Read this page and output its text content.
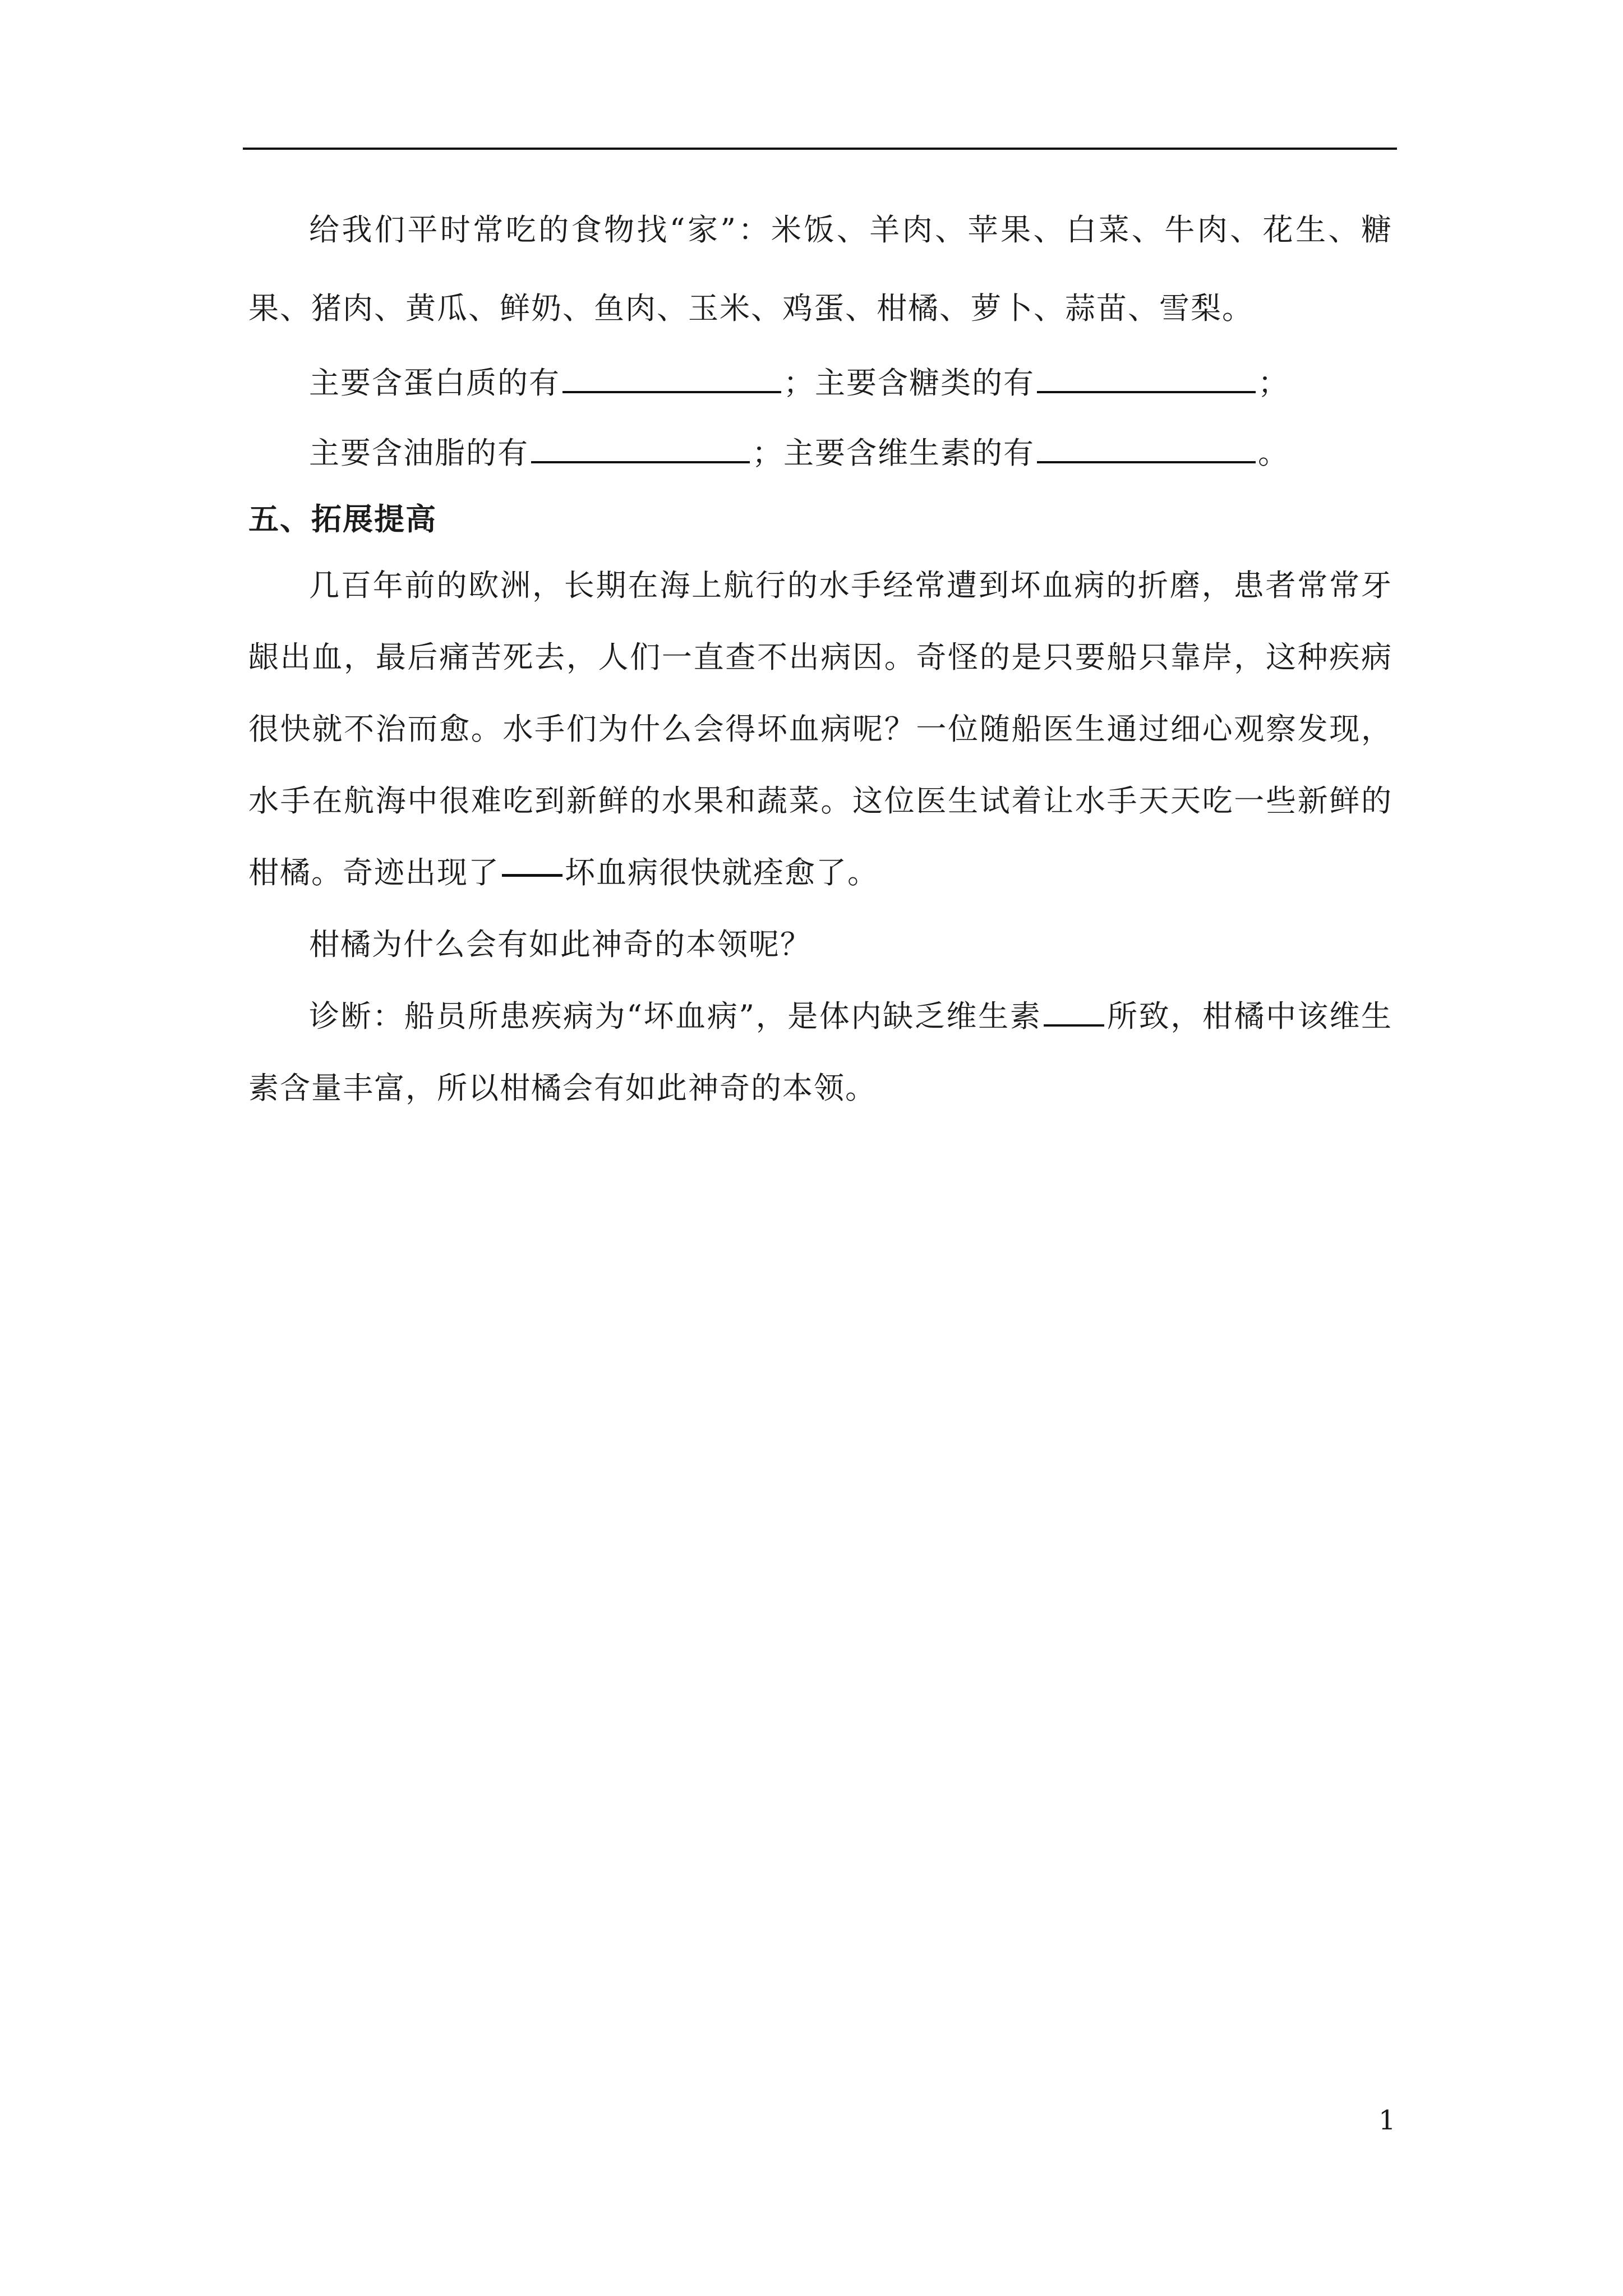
给我们平时常吃的食物找“家”：米饭、羊肉、苹果、白菜、牛肉、花生、糖果、猪肉、黄瓜、鲜奶、鱼肉、玉米、鸡蛋、柑橘、萝卜、蒜苗、雪梨。

主要含蛋白质的有	；主要含糖类的有	；

主要含油脂的有	；主要含维生素的有	。

五、拓展提高

几百年前的欧洲，长期在海上航行的水手经常遭到坏血病的折磨，患者常常牙龈出血，最后痛苦死去，人们一直查不出病因。奇怪的是只要船只靠岸，这种疾病很快就不治而愈。水手们为什么会得坏血病呢？一位随船医生通过细心观察发现，水手在航海中很难吃到新鲜的水果和蔬菜。这位医生试着让水手天天吃一些新鲜的柑橘。奇迹出现了 坏血病很快就痊愈了。

柑橘为什么会有如此神奇的本领呢？

诊断：船员所患疾病为“坏血病”，是体内缺乏维生素 所致，柑橘中该维生素含量丰富，所以柑橘会有如此神奇的本领。

1
